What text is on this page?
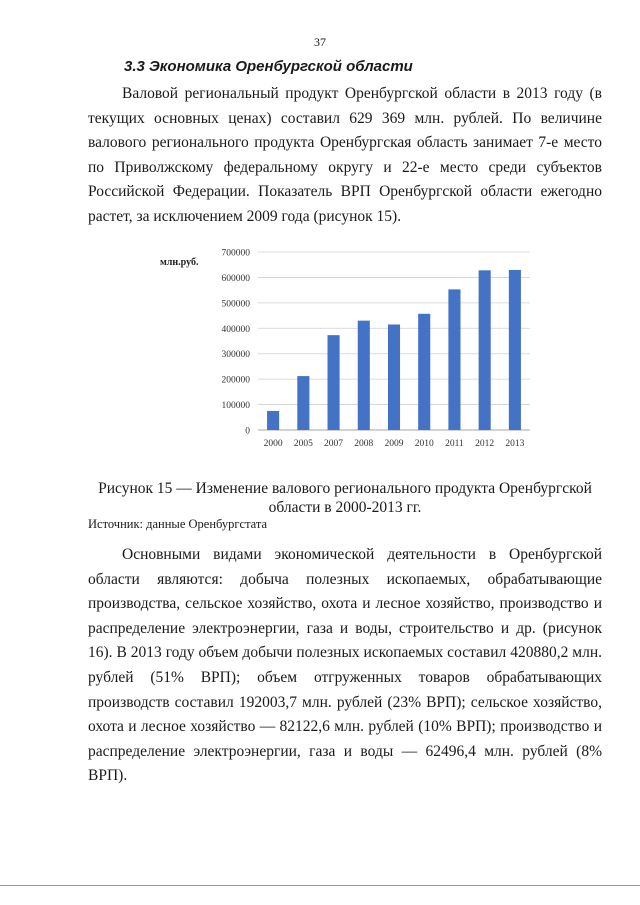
37
3.3 Экономика Оренбургской области

Валовой региональный продукт Оренбургской области в 2013 году (в текущих основных ценах) составил 629 369 млн. рублей. По величине валового регионального продукта Оренбургская область занимает 7-е место по Приволжскому федеральному округу и 22-е место среди субъектов Российской Федерации. Показатель ВРП Оренбургской области ежегодно растет, за исключением 2009 года (рисунок 15).

0
100000
200000
300000
400000
500000
600000
700000
млн.руб.
2000 2005 2007 2008 2009 2010 2011 2012 2013
Рисунок 15 — Изменение валового регионального продукта Оренбургской
области в 2000-2013 гг.
Источник: данные Оренбургстата

Основными видами экономической деятельности в Оренбургской области являются: добыча полезных ископаемых, обрабатывающие производства, сельское хозяйство, охота и лесное хозяйство, производство и распределение электроэнергии, газа и воды, строительство и др. (рисунок 16). В 2013 году объем добычи полезных ископаемых составил 420880,2 млн. рублей (51% ВРП); объем отгруженных товаров обрабатывающих производств составил 192003,7 млн. рублей (23% ВРП); сельское хозяйство, охота и лесное хозяйство — 82122,6 млн. рублей (10% ВРП); производство и распределение электроэнергии, газа и воды — 62496,4 млн. рублей (8% ВРП).
